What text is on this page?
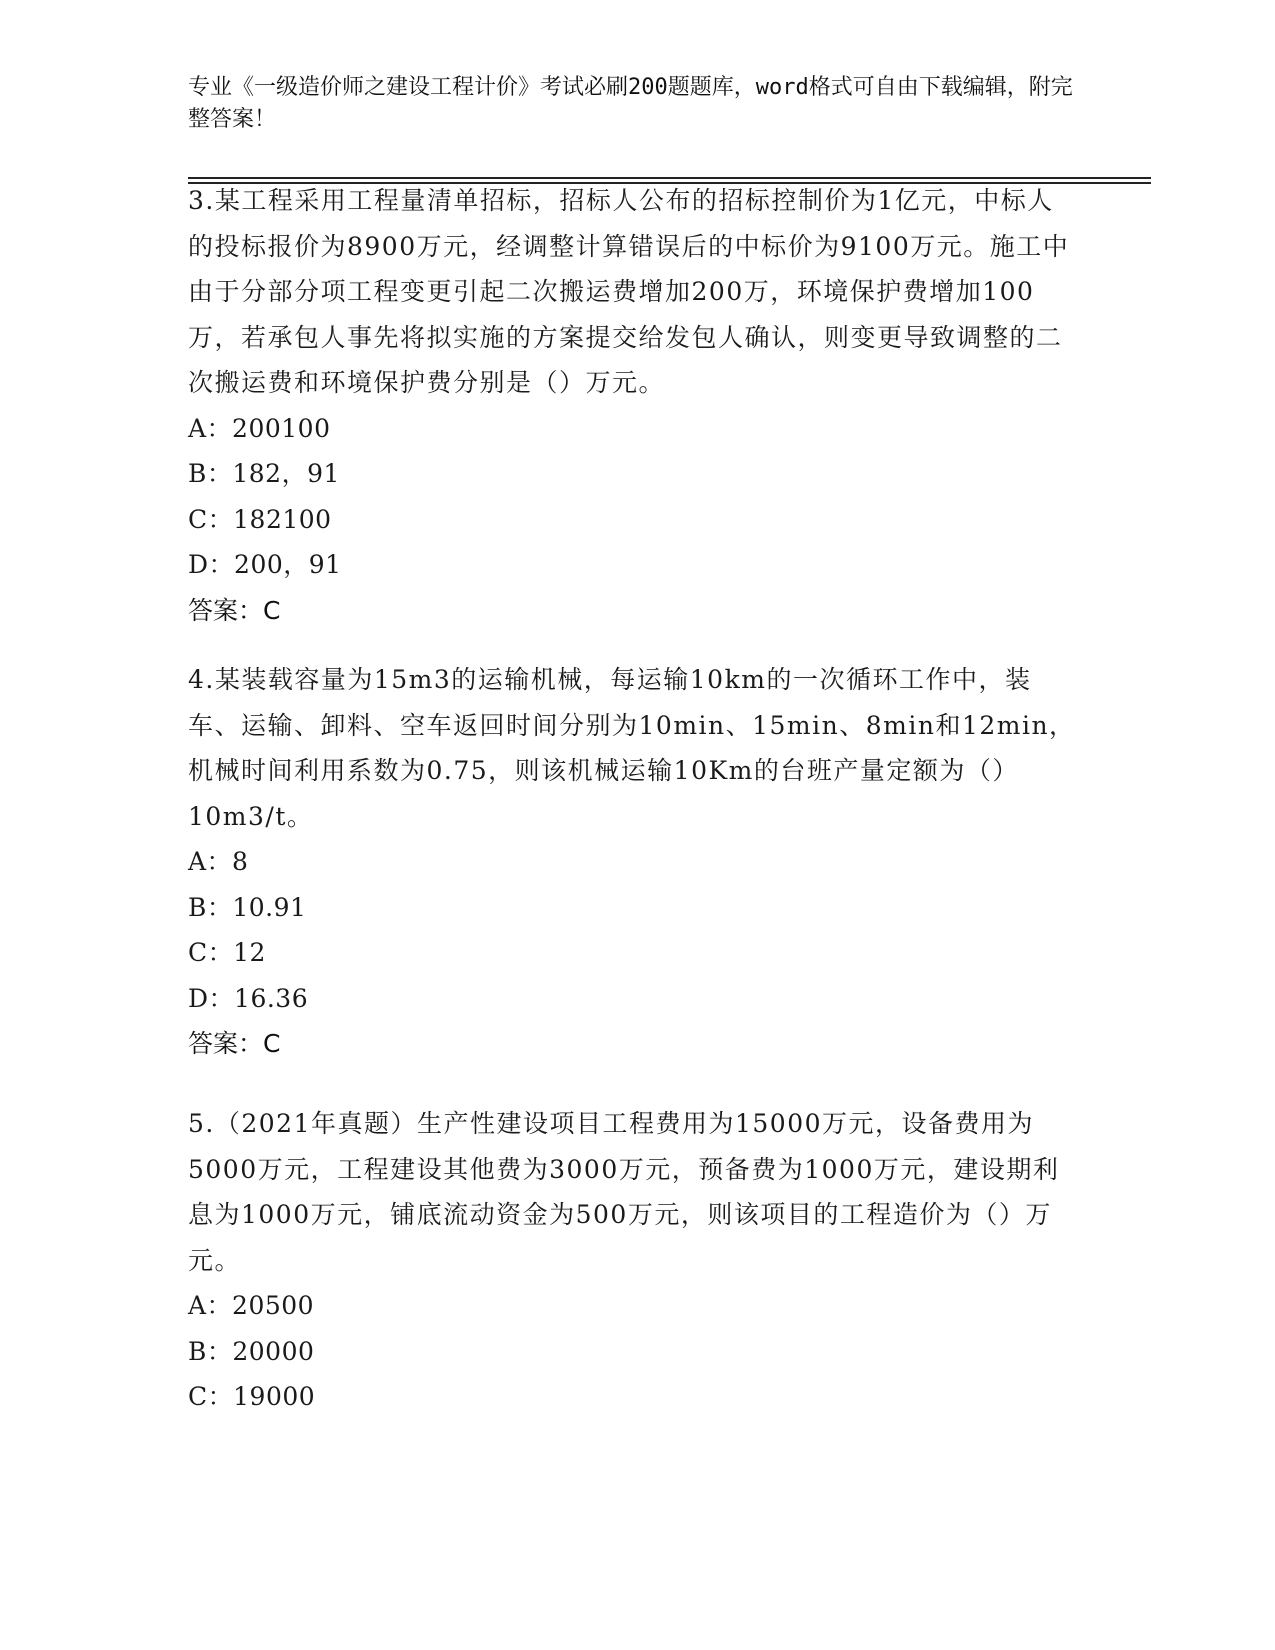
专业《一级造价师之建设工程计价》考试必刷200题题库，word格式可自由下载编辑，附完整答案！

3.某工程采用工程量清单招标，招标人公布的招标控制价为1亿元，中标人的投标报价为8900万元，经调整计算错误后的中标价为9100万元。施工中由于分部分项工程变更引起二次搬运费增加200万，环境保护费增加100万，若承包人事先将拟实施的方案提交给发包人确认，则变更导致调整的二次搬运费和环境保护费分别是（）万元。

A：200100

B：182，91

C：182100

D：200，91

答案：C

4.某装载容量为15m3的运输机械，每运输10km的一次循环工作中，装车、运输、卸料、空车返回时间分别为10min、15min、8min和12min，机械时间利用系数为0.75，则该机械运输10Km的台班产量定额为（）10m3/t。

A：8

B：10.91

C：12

D：16.36

答案：C

5.（2021年真题）生产性建设项目工程费用为15000万元，设备费用为5000万元，工程建设其他费为3000万元，预备费为1000万元，建设期利息为1000万元，铺底流动资金为500万元，则该项目的工程造价为（）万元。

A：20500

B：20000

C：19000
